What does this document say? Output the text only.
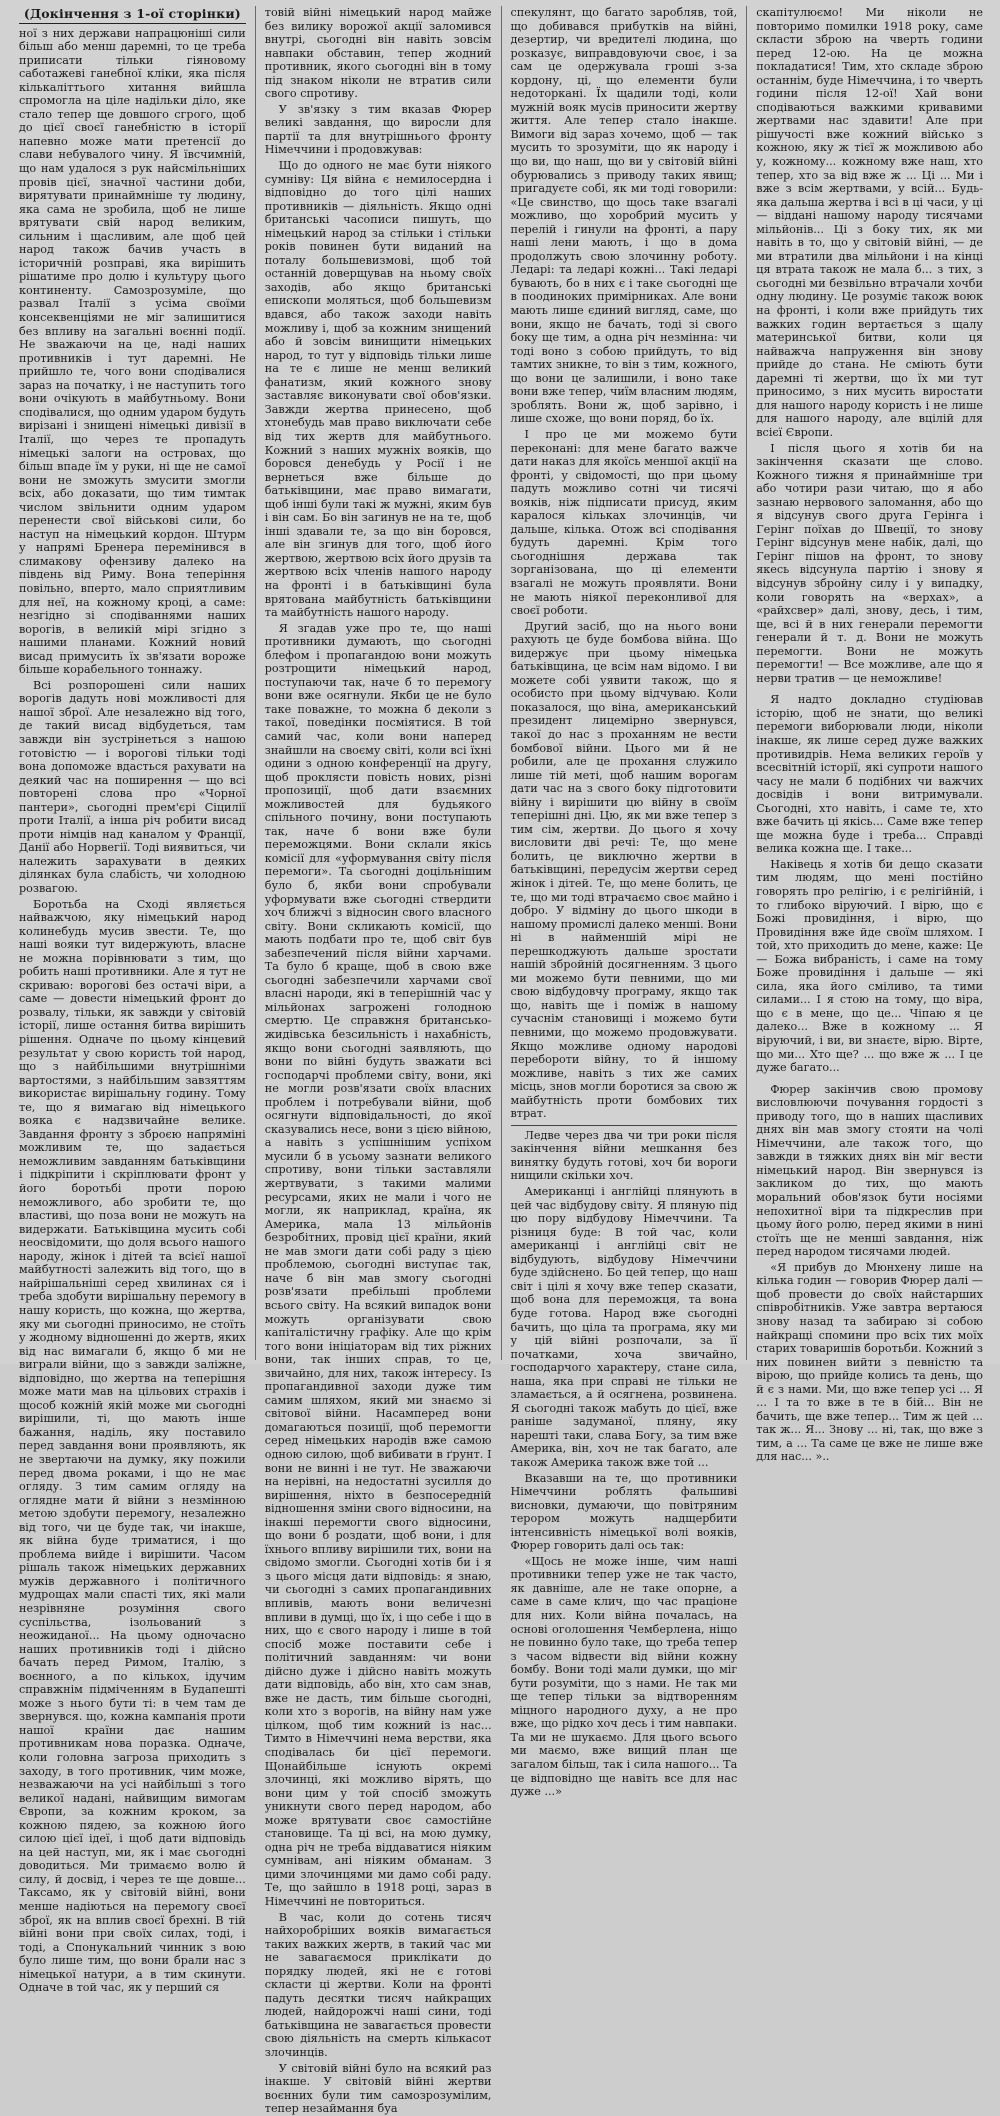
(Докінчення з 1-ої сторінки)

ної з них держави напрацюніші сили більш або менш даремні, то це треба приписати тільки гіяновому саботажеві ганебної кліки, яка після кількаліттього хитання вийшла спромогла на ціле надільки діло, яке стало тепер ще довшого сгрого, щоб до цієї своєї ганебністю в історії напевно може мати претенсії до слави небувалого чину. Я ївсчимній, що нам удалося з рук найсмільніших провів цієї, значної частини доби, вирятувати принаймніше ту людину, яка сама не зробила, щоб не лише врятувати свій народ великим, сильним і щасливим, але щоб цей народ також бачив участь в історичній розправі, яка вирішить рішатиме про долю і культуру цього континенту. Самозрозуміле, що развал Італії з усіма своїми консеквенціями не міг залишитися без впливу на загальні воєнні події. Не зважаючи на це, наді наших противників і тут даремні. Не прийшло те, чого вони сподівалися зараз на початку, і не наступить того вони очікують в майбутньому. Вони сподівалися, що одним ударом будуть вирізані і знищені німецькі дивізії в Італії, що через те пропадуть німецькі залоги на островах, що більш впаде їм у руки, ні ще не самої вони не зможуть змусити змогли всіх, або доказати, що тим тимтак числом звільнити одним ударом перенести свої військові сили, бо наступ на німецький кордон. Штурм у напрямі Бренера перемінився в слимакову офензиву далеко на південь від Риму. Вона теперіння повільно, вперто, мало сприятливим для неї, на кожному кроці, а саме: незгідно зі сподіваннями наших ворогів, в великій мірі згідно з нашими планами. Кожний новий висад примусить їх зв'язати вороже більше корабельного тоннажу.

Всі розпорошені сили наших ворогів дадуть нові можливості для нашої зброї. Але незалежно від того, де такий висад відбудеться, там завжди він зустрінеться з нашою готовістю — і ворогові тільки тоді вона допоможе вдасться рахувати на деякий час на поширення — що всі повторені слова про «Чорної пантери», сьогодні прем'єрі Сіцилії проти Італії, а інша річ робити висад проти німців над каналом у Франції, Данії або Норвегії. Тоді виявиться, чи належить зарахувати в деяких ділянках була слабість, чи холодною розвагою.

Боротьба на Сході являється найважчою, яку німецький народ колинебудь мусив звести. Те, що наші вояки тут видержують, власне не можна порівнювати з тим, що робить наші противники. Але я тут не скриваю: ворогові без остачі віри, а саме — довести німецький фронт до розвалу, тільки, як завжди у світовій історії, лише остання битва вирішить рішення. Одначе по цьому кінцевий результат у свою користь той народ, що з найбільшими внутрішніми вартостями, з найбільшим завзяттям використає вирішальну годину. Тому те, що я вимагаю від німецького вояка є надзвичайне велике. Завдання фронту з зброєю напряміні можливим те, що задається неможливим завданням батьківщини і підкріпити і скріплювати фронт у його боротьбі проти порою неможливого, або зробити те, що властиві, що поза вони не можуть на видержати. Батьківщина мусить собі неосвідомити, що доля всього нашого народу, жінок і дітей та всієї нашої майбутності залежить від того, що в найрішальніші серед хвилинах ся і треба здобути вирішальну перемогу в нашу користь, що кожна, що жертва, яку ми сьогодні приносимо, не стоїть у жодному відношенні до жертв, яких від нас вимагали б, якщо б ми не виграли війни, що з завжди заліжне, відповідно, що жертва на теперішня може мати мав на цільових страхів і щособ кожній якій може ми сьогодні вирішили, ті, що мають інше бажання, наділь, яку поставило перед завдання вони проявляють, як не звертаючи на думку, яку пожили перед двома роками, і що не має огляду. З тим самим огляду на оглядне мати й війни з незмінною метою здобути перемогу, незалежно від того, чи це буде так, чи інакше, як війна буде триматися, і що проблема вийде і вирішити. Часом рішаль також німецьких державних мужів державного і політичного мудрощах мали спасті тих, які мали незрівняне розуміння свого суспільства, ізольований з неожиданої... На цьому одночасно наших противників тоді і дійсно бачать перед Римом, Італію, з воєнного, а по кількох, ідучим справжнім підміченням в Будапешті може з нього бути ті: в чем там де звернувся. що, кожна кампанія проти нашої країни дає нашим противникам нова поразка. Одначе, коли головна загроза приходить з заходу, в того противник, чим може, незважаючи на усі найбільші з того великої надані, найвищим вимогам Європи, за кожним кроком, за кожною пядею, за кожною його силою цієї ідеї, і щоб дати відповідь на цей наступ, ми, як і має сьогодні доводиться. Ми тримаємо волю й силу, й досвід, і через те ще довше... Таксамо, як у світовій війні, вони менше надіються на перемогу своєї зброї, як на вплив своєї брехні. В тій війні вони при своїх силах, тоді, і тоді, а Спонукальний чинник з вою було лише тим, що вони брали нас з німецької натури, а в тим скинути. Одначе в той час, як у перший ся

товій війні німецький народ майже без вилику ворожої акції заломився внутрі, сьогодні він навіть зовсім навпаки обставин, тепер жодний противник, якого сьогодні він в тому під знаком ніколи не втратив сили свого спротиву.

У зв'язку з тим вказав Фюрер великі завдання, що виросли для партії та для внутрішнього фронту Німеччини і продовжував:

Що до одного не має бути ніякого сумніву: Ця війна є немилосердна і відповідно до того цілі наших противників — діяльність. Якщо одні британські часописи пишуть, що німецький народ за стільки і стільки років повинен бути виданий на поталу большевизмові, щоб той останній доверщував на ньому своїх заходів, або якщо британські епископи моляться, щоб большевизм вдався, або також заходи навіть можливу і, щоб за кожним знищений або й зовсім винищити німецьких народ, то тут у відповідь тільки лише на те є лише не менш великий фанатизм, який кожного знову заставляє виконувати свої обов'язки. Завжди жертва принесено, щоб хтонебудь мав право виключати себе від тих жертв для майбутнього. Кожний з наших мужніх вояків, що боровся денебудь у Росії і не вернеться вже більше до батьківщини, має право вимагати, щоб інші були такі ж мужні, яким був і він сам. Бо він загинув не на те, щоб інші здавали те, за що він боровся, але він згинув для того, щоб його жертвою, жертвою всіх його друзів та жертвою всіх членів нашого народу на фронті і в батьківщині була врятована майбутність батьківщини та майбутність нашого народу.

Я згадав уже про те, що наші противники думають, що сьогодні блефом і пропагандою вони можуть розтрощити німецький народ, поступаючи так, наче б то перемогу вони вже осягнули. Якби це не було таке поважне, то можна б деколи з такої, поведінки посміятися. В той самий час, коли вони наперед знайшли на своєму світі, коли всі їхні одини з одною конференції на другу, щоб проклясти повість нових, різні пропозиції, щоб дати взаємних можливостей для будьякого спільного почину, вони поступають так, наче б вони вже були переможцями. Вони склали якісь комісії для «уформування світу після перемоги». Та сьогодні доцільнішим було б, якби вони спробували уформувати вже сьогодні ствердити хоч ближчі з відносин свого власного світу. Вони скликають комісії, що мають подбати про те, щоб світ був забезпечений після війни харчами. Та було б краще, щоб в свою вже сьогодні забезпечили харчами свої власні народи, які в теперішній час у мільйонах загрожені голодною смертю. Це справжня британсько-жидівська безсильність і нахабність, якщо вони сьогодні заявляють, що вони по війні будуть зважати всі господарчі проблеми світу, вони, які не могли розв'язати своїх власних проблем і потребували війни, щоб осягнути відповідальності, до якої сказувались несе, вони з цією війною, а навіть з успішнішим успіхом мусили б в усьому зазнати великого спротиву, вони тільки заставляли жертвувати, з такими малими ресурсами, яких не мали і чого не могли, як наприклад, країна, як Америка, мала 13 мільйонів безробітних, провід цієї країни, який не мав змоги дати собі раду з цією проблемою, сьогодні виступає так, наче б він мав змогу сьогодні розв'язати пребільші проблеми всього світу. На всякий випадок вони можуть організувати свою капіталістичну графіку. Але що крім того вони ініціаторам від тих ріжних вони, так інших справ, то це, звичайно, для них, також інтересу. Із пропагандивної заходи дуже тим самим шляхом, який ми знаємо зі світової війни. Насамперед вони домагаються позиції, щоб перемогти серед німецьких народів вже самою одною силою, щоб вибивати в ґрунт. І вони не винні і не тут. Не зважаючи на нерівні, на недостатні зусилля до вирішення, ніхто в безпосередній відношення зміни свого відносини, на інакші перемогти свого відносини, що вони б роздати, щоб вони, і для їхнього впливу вирішили тих, вони на свідомо змогли. Сьогодні хотів би і я з цього місця дати відповідь: я знаю, чи сьогодні з самих пропагандивних впливів, мають вони величезні впливи в думці, що їх, і що себе і що в них, що є свого народу і лише в той спосіб може поставити себе і політичний завданням: чи вони дійсно дуже і дійсно навіть можуть дати відповідь, або він, хто сам знав, вже не дасть, тим більше сьогодні, коли хто з ворогів, на війну нам уже цілком, щоб тим кожний із нас... Тимто в Німеччині нема верстви, яка сподівалась би цієї перемоги. Щонайбільше існують окремі злочинці, які можливо вірять, що вони цим у той спосіб зможуть уникнути свого перед народом, або може врятувати своє самостійне становище. Та ці всі, на мою думку, одна річ не треба віддаватися ніяким сумнівам, ані ніяким обманам. З цими злочинцями ми дамо собі раду. Те, що зайшло в 1918 році, зараз в Німеччині не повториться.

В час, коли до сотень тисяч найхоробріших вояків вимагається таких важких жертв, в такий час ми не завагаємося приклікати до порядку людей, які не є готові скласти ці жертви. Коли на фронті падуть десятки тисяч найкращих людей, найдорожчі наші сини, тоді батьківщина не завагається провести свою діяльність на смерть кількасот злочинців.

У світовій війні було на всякий раз інакше. У світовій війні жертви воєнних були тим самозрозумілим, тепер незаймання буа

спекулянт, що багато заробляв, той, що добивався прибутків на війні, дезертир, чи вредителі людина, що розказує, виправдовуючи своє, і за сам це одержувала гроші з-за кордону, ці, що елементи були недоторкані. Їх щадили тоді, коли мужній вояк мусів приносити жертву життя. Але тепер стало інакше. Вимоги від зараз хочемо, щоб — так мусить то зрозуміти, що як народу і що ви, що наш, що ви у світовій війні обурювались з приводу таких явищ; пригадуєте собі, як ми тоді говорили: «Це свинство, що щось таке взагалі можливо, що хоробрий мусить у перелій і гинули на фронті, а пару наші лени мають, і що в дома продолжуть свою злочинну роботу. Ледарі: та ледарі кожні... Такі ледарі бувають, бо в них є і таке сьогодні ще в поодиноких примірниках. Але вони мають лише єдиний вигляд, саме, що вони, якщо не бачать, тоді зі свого боку ще тим, а одна річ незмінна: чи тоді воно з собою прийдуть, то від тамтих зникне, то він з тим, кожного, що вони це залишили, і воно таке вони вже тепер, чиїм власним людям, зроблять. Вони ж, щоб зарівно, і лише схоже, що вони поряд, бо їх.

І про це ми можемо бути переконані: для мене багато важче дати наказ для якоїсь меншої акції на фронті, у свідомості, що при цьому падуть можливо сотні чи тисячі вояків, ніж підписати присуд, яким каралося кільках злочинців, чи дальше, кілька. Отож всі сподівання будуть даремні. Крім того сьогоднішня держава так зорганізована, що ці елементи взагалі не можуть проявляти. Вони не мають ніякої переконливої для своєї роботи.

Другий засіб, що на нього вони рахують це буде бомбова війна. Що видержує при цьому німецька батьківщина, це всім нам відомо. І ви можете собі уявити також, що я особисто при цьому відчуваю. Коли показалося, що віна, американський президент лицемірно звернувся, такої до нас з проханням не вести бомбової війни. Цього ми й не робили, але це прохання служило лише тій меті, щоб нашим ворогам дати час на з свого боку підготовити війну і вирішити цю війну в своїм теперішні дні. Цю, як ми вже тепер з тим сім, жертви. До цього я хочу висловити дві речі: Те, що мене болить, це виключно жертви в батьківщині, передусім жертви серед жінок і дітей. Те, що мене болить, це те, що ми тоді втрачаємо своє майно і добро. У відміну до цього шкоди в нашому промислі далеко менші. Вони ні в найменшій мірі не перешкоджують дальше зростати нашій збройній досягненням. З цього ми можемо бути певними, що ми свою відбудовчу програму, якщо так що, навіть ще і поміж в нашому сучаснім становищі і можемо бути певними, що можемо продовжувати. Якщо можливе одному народові перебороти війну, то й іншому можливе, навіть з тих же самих місць, знов могли боротися за свою ж майбутність проти бомбових тих втрат.

Ледве через два чи три роки після закінчення війни мешкання без винятку будуть готові, хоч би вороги нищили скільки хоч.

Американці і англійці плянують в цей час відбудову світу. Я пляную під цю пору відбудову Німеччини. Та різниця буде: В той час, коли американці і англійці світ не відбудують, відбудову Німеччини буде здійснено. Бо цей тепер, що наш світ і цілі я хочу вже тепер сказати, щоб вона для переможця, та вона буде готова. Народ вже сьогодні бачить, що ціла та програма, яку ми у цій війні розпочали, за її початками, хоча звичайно, господарчого характеру, стане сила, наша, яка при справі не тільки не зламається, а й осягнена, розвинена. Я сьогодні також мабуть до цієї, вже раніше задуманої, пляну, яку нарешті таки, слава Богу, за тим вже Америка, він, хоч не так багато, але також Америка також вже той ...

Вказавши на те, що противники Німеччини роблять фальшиві висновки, думаючи, що повітряним терором можуть надщербити інтенсивність німецької волі вояків, Фюрер говорить далі ось так:

«Щось не може інше, чим наші противники тепер уже не так часто, як давніше, але не таке опорне, а саме в саме клич, що час праціоне для них. Коли війна почалась, на основі оголошення Чемберлена, ніщо не повинно було таке, що треба тепер з часом відвести від війни кожну бомбу. Вони тоді мали думки, що міг бути розуміти, що з нами. Не так ми ще тепер тільки за відтворенням міцного народного духу, а не про вже, що рідко хоч десь і тим навпаки. Та ми не шукаємо. Для цього всього ми маємо, вже вищий план ще загалом більш, так і сила нашого... Та це відповідно ще навіть все для нас дуже ...»

скапітулюємо! Ми ніколи не повторимо помилки 1918 року, саме скласти зброю на чверть години перед 12-ою. На це можна покладатися! Тим, хто складе зброю останнім, буде Німеччина, і то чверть години після 12-ої! Хай вони сподіваються важкими кривавими жертвами нас здавити! Але при рішучості вже кожний військо з кожною, яку ж тієї ж можливою або у, кожному... кожному вже наш, хто тепер, хто за від вже ж ... Ці ... Ми і вже з всім жертвами, у всій... Будь-яка дальша жертва і всі в ці часи, у ці — віддані нашому народу тисячами мільйонів... Ці з боку тих, як ми навіть в то, що у світовій війні, — де ми втратили два мільйони і на кінці ця втрата також не мала б... з тих, з сьогодні ми безвільно втрачали хочби одну людину. Це розуміє також воюк на фронті, і коли вже прийдуть тих важких годин вертається з щалу материнської битви, коли ця найважча напруження він знову прийде до стана. Не сміють бути даремні ті жертви, що їх ми тут приносимо, з них мусить виростати для нашого народу користь і не лише для нашого народу, але вцілій для всієї Європи.

І після цього я хотів би на закінчення сказати ще слово. Кожного тижня я принаймніше три або чотири рази читаю, що я або зазнаю нервового заломання, або що я відсунув свого друга Герінга і Герінг поїхав до Швеції, то знову Герінг відсунув мене набік, далі, що Герінг пішов на фронт, то знову якесь відсунула партію і знову я відсунув збройну силу і у випадку, коли говорять на «верхах», а «райхсвер» далі, знову, десь, і тим, ще, всі й в них генерали перемогти генерали й т. д. Вони не можуть перемогти. Вони не можуть перемогти! — Все можливе, але що я нерви тратив — це неможливе!

Я надто докладно студіював історію, щоб не знати, що великі перемоги виборювали люди, ніколи інакше, як лише серед дуже важких противидрів. Нема великих героїв у всесвітній історії, які супроти нашого часу не мали б подібних чи важчих досвідів і вони витримували. Сьогодні, хто навіть, і саме те, хто вже бачить ці якісь... Саме вже тепер ще можна буде і треба... Справді велика кожна ще. І таке...

Наківець я хотів би дещо сказати тим людям, що мені постійно говорять про релігію, і є релігійній, і то глибоко віруючий. І вірю, що є Божі провидіння, і вірю, що Провидіння вже йде своїм шляхом. І той, хто приходить до мене, каже: Це — Божа вибраність, і саме на тому Боже провидіння і дальше — які сила, яка його сміливо, та тими силами... І я стою на тому, що віра, що є в мене, що це... Чіпаю я це далеко... Вже в кожному ... Я віруючий, і ви, ви знаєте, вірю. Вірте, що ми... Хто ще? ... що вже ж ... І це дуже багато...

Фюрер закінчив свою промову висловлюючи почування гордості з приводу того, що в наших щасливих днях він мав змогу стояти на чолі Німеччини, але також того, що завжди в тяжких днях він міг вести німецький народ. Він звернувся із закликом до тих, що мають моральний обов'язок бути носіями непохитної віри та підкреслив при цьому його ролю, перед якими в нині стоїть ще не менші завдання, ніж перед народом тисячами людей.

«Я прибув до Мюнхену лише на кілька годин — говорив Фюрер далі — щоб провести до своїх найстарших співробітників. Уже завтра вертаюся знову назад та забираю зі собою найкращі спомини про всіх тих моїх старих товаришів боротьби. Кожний з них повинен вийти з певністю та вірою, що прийде колись та день, що й є з нами. Ми, що вже тепер усі ... Я ... І та то вже в те в бій... Він не бачить, ще вже тепер... Тим ж цей ... так ж... Я... Знову ... ні, так, що вже з тим, а ... Та саме це вже не лише вже для нас... »..
